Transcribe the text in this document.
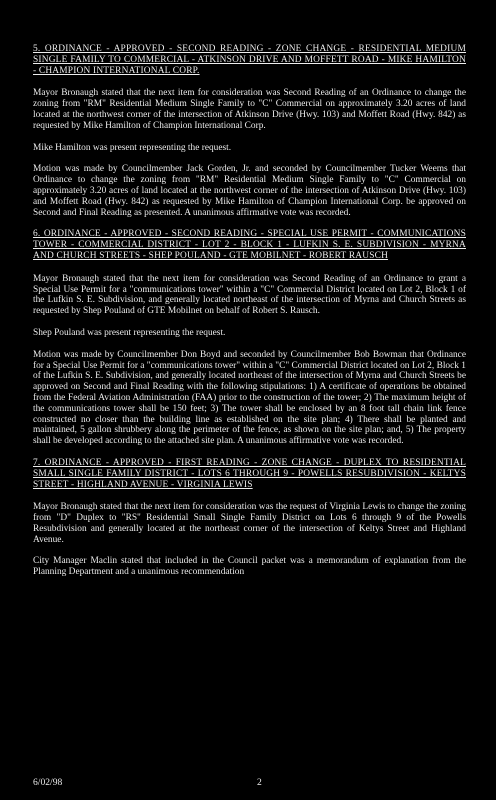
5. ORDINANCE - APPROVED - SECOND READING - ZONE CHANGE - RESIDENTIAL MEDIUM SINGLE FAMILY TO COMMERCIAL - ATKINSON DRIVE AND MOFFETT ROAD - MIKE HAMILTON - CHAMPION INTERNATIONAL CORP.
Mayor Bronaugh stated that the next item for consideration was Second Reading of an Ordinance to change the zoning from "RM" Residential Medium Single Family to "C" Commercial on approximately 3.20 acres of land located at the northwest corner of the intersection of Atkinson Drive (Hwy. 103) and Moffett Road (Hwy. 842) as requested by Mike Hamilton of Champion International Corp.
Mike Hamilton was present representing the request.
Motion was made by Councilmember Jack Gorden, Jr. and seconded by Councilmember Tucker Weems that Ordinance to change the zoning from "RM" Residential Medium Single Family to "C" Commercial on approximately 3.20 acres of land located at the northwest corner of the intersection of Atkinson Drive (Hwy. 103) and Moffett Road (Hwy. 842) as requested by Mike Hamilton of Champion International Corp. be approved on Second and Final Reading as presented. A unanimous affirmative vote was recorded.
6. ORDINANCE - APPROVED - SECOND READING - SPECIAL USE PERMIT - COMMUNICATIONS TOWER - COMMERCIAL DISTRICT - LOT 2 - BLOCK 1 - LUFKIN S. E. SUBDIVISION - MYRNA AND CHURCH STREETS - SHEP POULAND - GTE MOBILNET - ROBERT RAUSCH
Mayor Bronaugh stated that the next item for consideration was Second Reading of an Ordinance to grant a Special Use Permit for a "communications tower" within a "C" Commercial District located on Lot 2, Block 1 of the Lufkin S. E. Subdivision, and generally located northeast of the intersection of Myrna and Church Streets as requested by Shep Pouland of GTE Mobilnet on behalf of Robert S. Rausch.
Shep Pouland was present representing the request.
Motion was made by Councilmember Don Boyd and seconded by Councilmember Bob Bowman that Ordinance for a Special Use Permit for a "communications tower" within a "C" Commercial District located on Lot 2, Block 1 of the Lufkin S. E. Subdivision, and generally located northeast of the intersection of Myrna and Church Streets be approved on Second and Final Reading with the following stipulations: 1) A certificate of operations be obtained from the Federal Aviation Administration (FAA) prior to the construction of the tower; 2) The maximum height of the communications tower shall be 150 feet; 3) The tower shall be enclosed by an 8 foot tall chain link fence constructed no closer than the building line as established on the site plan; 4) There shall be planted and maintained, 5 gallon shrubbery along the perimeter of the fence, as shown on the site plan; and, 5) The property shall be developed according to the attached site plan. A unanimous affirmative vote was recorded.
7. ORDINANCE - APPROVED - FIRST READING - ZONE CHANGE - DUPLEX TO RESIDENTIAL SMALL SINGLE FAMILY DISTRICT - LOTS 6 THROUGH 9 - POWELLS RESUBDIVISION - KELTYS STREET - HIGHLAND AVENUE - VIRGINIA LEWIS
Mayor Bronaugh stated that the next item for consideration was the request of Virginia Lewis to change the zoning from "D" Duplex to "RS" Residential Small Single Family District on Lots 6 through 9 of the Powells Resubdivision and generally located at the northeast corner of the intersection of Keltys Street and Highland Avenue.
City Manager Maclin stated that included in the Council packet was a memorandum of explanation from the Planning Department and a unanimous recommendation
6/02/98	2
